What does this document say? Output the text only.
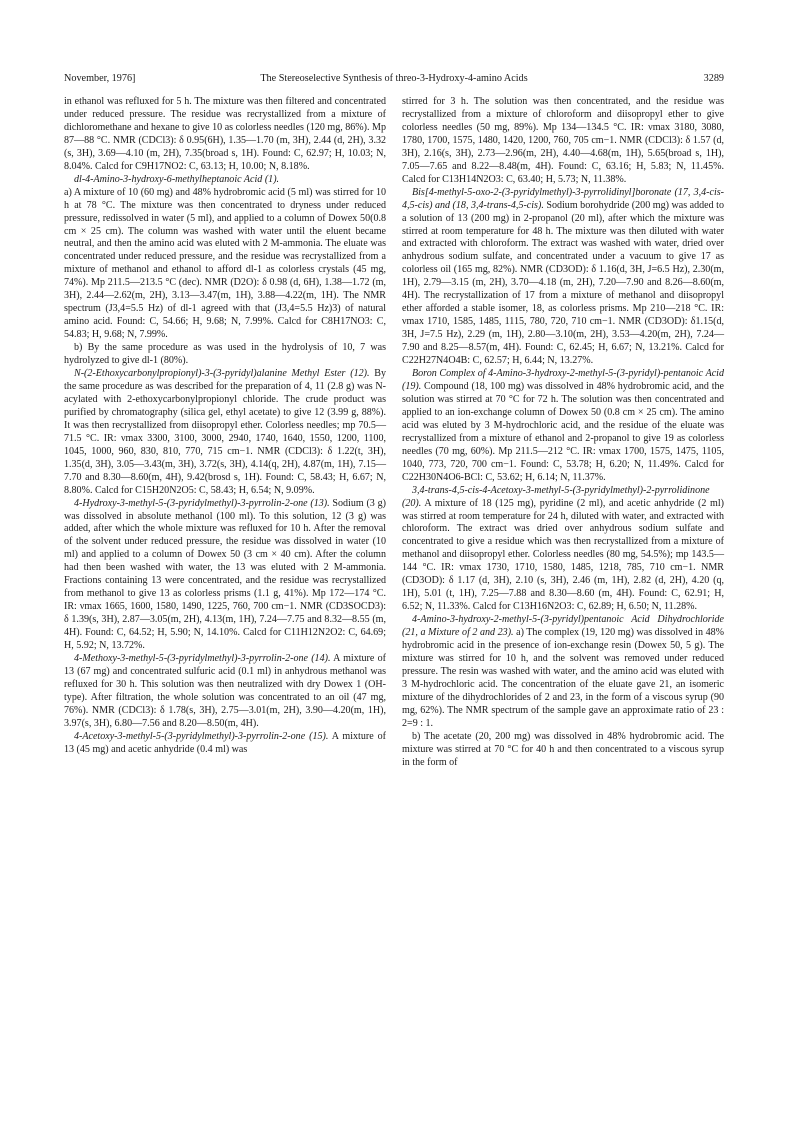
November, 1976]	The Stereoselective Synthesis of threo-3-Hydroxy-4-amino Acids	3289

in ethanol was refluxed for 5 h. The mixture was then filtered and concentrated under reduced pressure. The residue was recrystallized from a mixture of dichloromethane and hexane to give 10 as colorless needles (120 mg, 86%). Mp 87—88 °C. NMR (CDCl3): δ 0.95(6H), 1.35—1.70 (m, 3H), 2.44 (d, 2H), 3.32 (s, 3H), 3.69—4.10 (m, 2H), 7.35(broad s, 1H). Found: C, 62.97; H, 10.03; N, 8.04%. Calcd for C9H17NO2: C, 63.13; H, 10.00; N, 8.18%.

dl-4-Amino-3-hydroxy-6-methylheptanoic Acid (1).

a) A mixture of 10 (60 mg) and 48% hydrobromic acid (5 ml) was stirred for 10 h at 78 °C. The mixture was then concentrated to dryness under reduced pressure, redissolved in water (5 ml), and applied to a column of Dowex 50(0.8 cm × 25 cm). The column was washed with water until the eluent became neutral, and then the amino acid was eluted with 2 M-ammonia. The eluate was concentrated under reduced pressure, and the residue was recrystallized from a mixture of methanol and ethanol to afford dl-1 as colorless crystals (45 mg, 74%). Mp 211.5—213.5 °C (dec). NMR (D2O): δ 0.98 (d, 6H), 1.38—1.72 (m, 3H), 2.44—2.62(m, 2H), 3.13—3.47(m, 1H), 3.88—4.22(m, 1H). The NMR spectrum (J3,4=5.5 Hz) of dl-1 agreed with that (J3,4=5.5 Hz)3) of natural amino acid. Found: C, 54.66; H, 9.68; N, 7.99%. Calcd for C8H17NO3: C, 54.83; H, 9.68; N, 7.99%.

b) By the same procedure as was used in the hydrolysis of 10, 7 was hydrolyzed to give dl-1 (80%).

N-(2-Ethoxycarbonylpropionyl)-3-(3-pyridyl)alanine Methyl Ester (12). By the same procedure as was described for the preparation of 4, 11 (2.8 g) was N-acylated with 2-ethoxycarbonylpropionyl chloride. The crude product was purified by chromatography (silica gel, ethyl acetate) to give 12 (3.99 g, 88%). It was then recrystallized from diisopropyl ether. Colorless needles; mp 70.5—71.5 °C. IR: νmax 3300, 3100, 3000, 2940, 1740, 1640, 1550, 1200, 1100, 1045, 1000, 960, 830, 810, 770, 715 cm−1. NMR (CDCl3): δ 1.22(t, 3H), 1.35(d, 3H), 3.05—3.43(m, 3H), 3.72(s, 3H), 4.14(q, 2H), 4.87(m, 1H), 7.15—7.70 and 8.30—8.60(m, 4H), 9.42(brosd s, 1H). Found: C, 58.43; H, 6.67; N, 8.80%. Calcd for C15H20N2O5: C, 58.43; H, 6.54; N, 9.09%.

4-Hydroxy-3-methyl-5-(3-pyridylmethyl)-3-pyrrolin-2-one (13). Sodium (3 g) was dissolved in absolute methanol (100 ml). To this solution, 12 (3 g) was added, after which the whole mixture was refluxed for 10 h. After the removal of the solvent under reduced pressure, the residue was dissolved in water (10 ml) and applied to a column of Dowex 50 (3 cm × 40 cm). After the column had then been washed with water, the 13 was eluted with 2 M-ammonia. Fractions containing 13 were concentrated, and the residue was recrystallized from methanol to give 13 as colorless prisms (1.1 g, 41%). Mp 172—174 °C. IR: νmax 1665, 1600, 1580, 1490, 1225, 760, 700 cm−1. NMR (CD3SOCD3): δ 1.39(s, 3H), 2.87—3.05(m, 2H), 4.13(m, 1H), 7.24—7.75 and 8.32—8.55 (m, 4H). Found: C, 64.52; H, 5.90; N, 14.10%. Calcd for C11H12N2O2: C, 64.69; H, 5.92; N, 13.72%.

4-Methoxy-3-methyl-5-(3-pyridylmethyl)-3-pyrrolin-2-one (14). A mixture of 13 (67 mg) and concentrated sulfuric acid (0.1 ml) in anhydrous methanol was refluxed for 30 h. This solution was then neutralized with dry Dowex 1 (OH-type). After filtration, the whole solution was concentrated to an oil (47 mg, 76%). NMR (CDCl3): δ 1.78(s, 3H), 2.75—3.01(m, 2H), 3.90—4.20(m, 1H), 3.97(s, 3H), 6.80—7.56 and 8.20—8.50(m, 4H).

4-Acetoxy-3-methyl-5-(3-pyridylmethyl)-3-pyrrolin-2-one (15). A mixture of 13 (45 mg) and acetic anhydride (0.4 ml) was

stirred for 3 h. The solution was then concentrated, and the residue was recrystallized from a mixture of chloroform and diisopropyl ether to give colorless needles (50 mg, 89%). Mp 134—134.5 °C. IR: νmax 3180, 3080, 1780, 1700, 1575, 1480, 1420, 1200, 760, 705 cm−1. NMR (CDCl3): δ 1.57 (d, 3H), 2.16(s, 3H), 2.73—2.96(m, 2H), 4.40—4.68(m, 1H), 5.65(broad s, 1H), 7.05—7.65 and 8.22—8.48(m, 4H). Found: C, 63.16; H, 5.83; N, 11.45%. Calcd for C13H14N2O3: C, 63.40; H, 5.73; N, 11.38%.

Bis[4-methyl-5-oxo-2-(3-pyridylmethyl)-3-pyrrolidinyl]boronate (17, 3,4-cis-4,5-cis) and (18, 3,4-trans-4,5-cis). Sodium borohydride (200 mg) was added to a solution of 13 (200 mg) in 2-propanol (20 ml), after which the mixture was stirred at room temperature for 48 h. The mixture was then diluted with water and extracted with chloroform. The extract was washed with water, dried over anhydrous sodium sulfate, and concentrated under a vacuum to give 17 as colorless oil (165 mg, 82%). NMR (CD3OD): δ 1.16(d, 3H, J=6.5 Hz), 2.30(m, 1H), 2.79—3.15 (m, 2H), 3.70—4.18 (m, 2H), 7.20—7.90 and 8.26—8.60(m, 4H). The recrystallization of 17 from a mixture of methanol and diisopropyl ether afforded a stable isomer, 18, as colorless prisms. Mp 210—218 °C. IR: νmax 1710, 1585, 1485, 1115, 780, 720, 710 cm−1. NMR (CD3OD): δ1.15(d, 3H, J=7.5 Hz), 2.29 (m, 1H), 2.80—3.10(m, 2H), 3.53—4.20(m, 2H), 7.24—7.90 and 8.25—8.57(m, 4H). Found: C, 62.45; H, 6.67; N, 13.21%. Calcd for C22H27N4O4B: C, 62.57; H, 6.44; N, 13.27%.

Boron Complex of 4-Amino-3-hydroxy-2-methyl-5-(3-pyridyl)-pentanoic Acid (19). Compound (18, 100 mg) was dissolved in 48% hydrobromic acid, and the solution was stirred at 70 °C for 72 h. The solution was then concentrated and applied to an ion-exchange column of Dowex 50 (0.8 cm × 25 cm). The amino acid was eluted by 3 M-hydrochloric acid, and the residue of the eluate was recrystallized from a mixture of ethanol and 2-propanol to give 19 as colorless needles (70 mg, 60%). Mp 211.5—212 °C. IR: νmax 1700, 1575, 1475, 1105, 1040, 773, 720, 700 cm−1. Found: C, 53.78; H, 6.20; N, 11.49%. Calcd for C22H30N4O6-BCl: C, 53.62; H, 6.14; N, 11.37%.

3,4-trans-4,5-cis-4-Acetoxy-3-methyl-5-(3-pyridylmethyl)-2-pyrrolidinone (20). A mixture of 18 (125 mg), pyridine (2 ml), and acetic anhydride (2 ml) was stirred at room temperature for 24 h, diluted with water, and extracted with chloroform. The extract was dried over anhydrous sodium sulfate and concentrated to give a residue which was then recrystallized from a mixture of methanol and diisopropyl ether. Colorless needles (80 mg, 54.5%); mp 143.5—144 °C. IR: νmax 1730, 1710, 1580, 1485, 1218, 785, 710 cm−1. NMR (CD3OD): δ 1.17 (d, 3H), 2.10 (s, 3H), 2.46 (m, 1H), 2.82 (d, 2H), 4.20 (q, 1H), 5.01 (t, 1H), 7.25—7.88 and 8.30—8.60 (m, 4H). Found: C, 62.91; H, 6.52; N, 11.33%. Calcd for C13H16N2O3: C, 62.89; H, 6.50; N, 11.28%.

4-Amino-3-hydroxy-2-methyl-5-(3-pyridyl)pentanoic Acid Dihydrochloride (21, a Mixture of 2 and 23). a) The complex (19, 120 mg) was dissolved in 48% hydrobromic acid in the presence of ion-exchange resin (Dowex 50, 5 g). The mixture was stirred for 10 h, and the solvent was removed under reduced pressure. The resin was washed with water, and the amino acid was eluted with 3 M-hydrochloric acid. The concentration of the eluate gave 21, an isomeric mixture of the dihydrochlorides of 2 and 23, in the form of a viscous syrup (90 mg, 62%). The NMR spectrum of the sample gave an approximate ratio of 23 : 2=9 : 1.

b) The acetate (20, 200 mg) was dissolved in 48% hydrobromic acid. The mixture was stirred at 70 °C for 40 h and then concentrated to a viscous syrup in the form of
